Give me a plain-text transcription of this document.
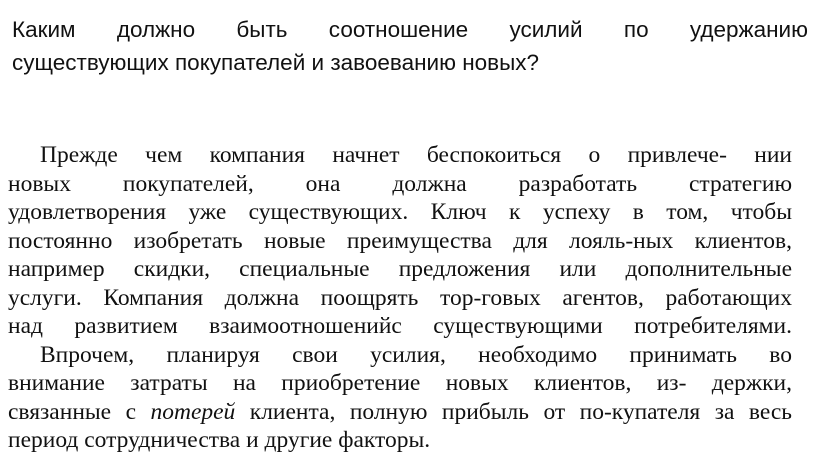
Каким должно быть соотношение усилий по удержанию
существующих покупателей и завоеванию новых?

Прежде чем компания начнет беспокоиться о привлече- нии
новых покупателей, она должна разработать стратегию
удовлетворения уже существующих. Ключ к успеху в том, чтобы
постоянно изобретать новые преимущества для лояль-ных клиентов,
например скидки, специальные предложения или дополнительные
услуги. Компания должна поощрять тор-говых агентов, работающих
над развитием взаимоотношенийс существующими потребителями.

Впрочем, планируя свои усилия, необходимо принимать во
внимание затраты на приобретение новых клиентов, из- держки,
связанные с потерей клиента, полную прибыль от по-купателя за весь
период сотрудничества и другие факторы.
